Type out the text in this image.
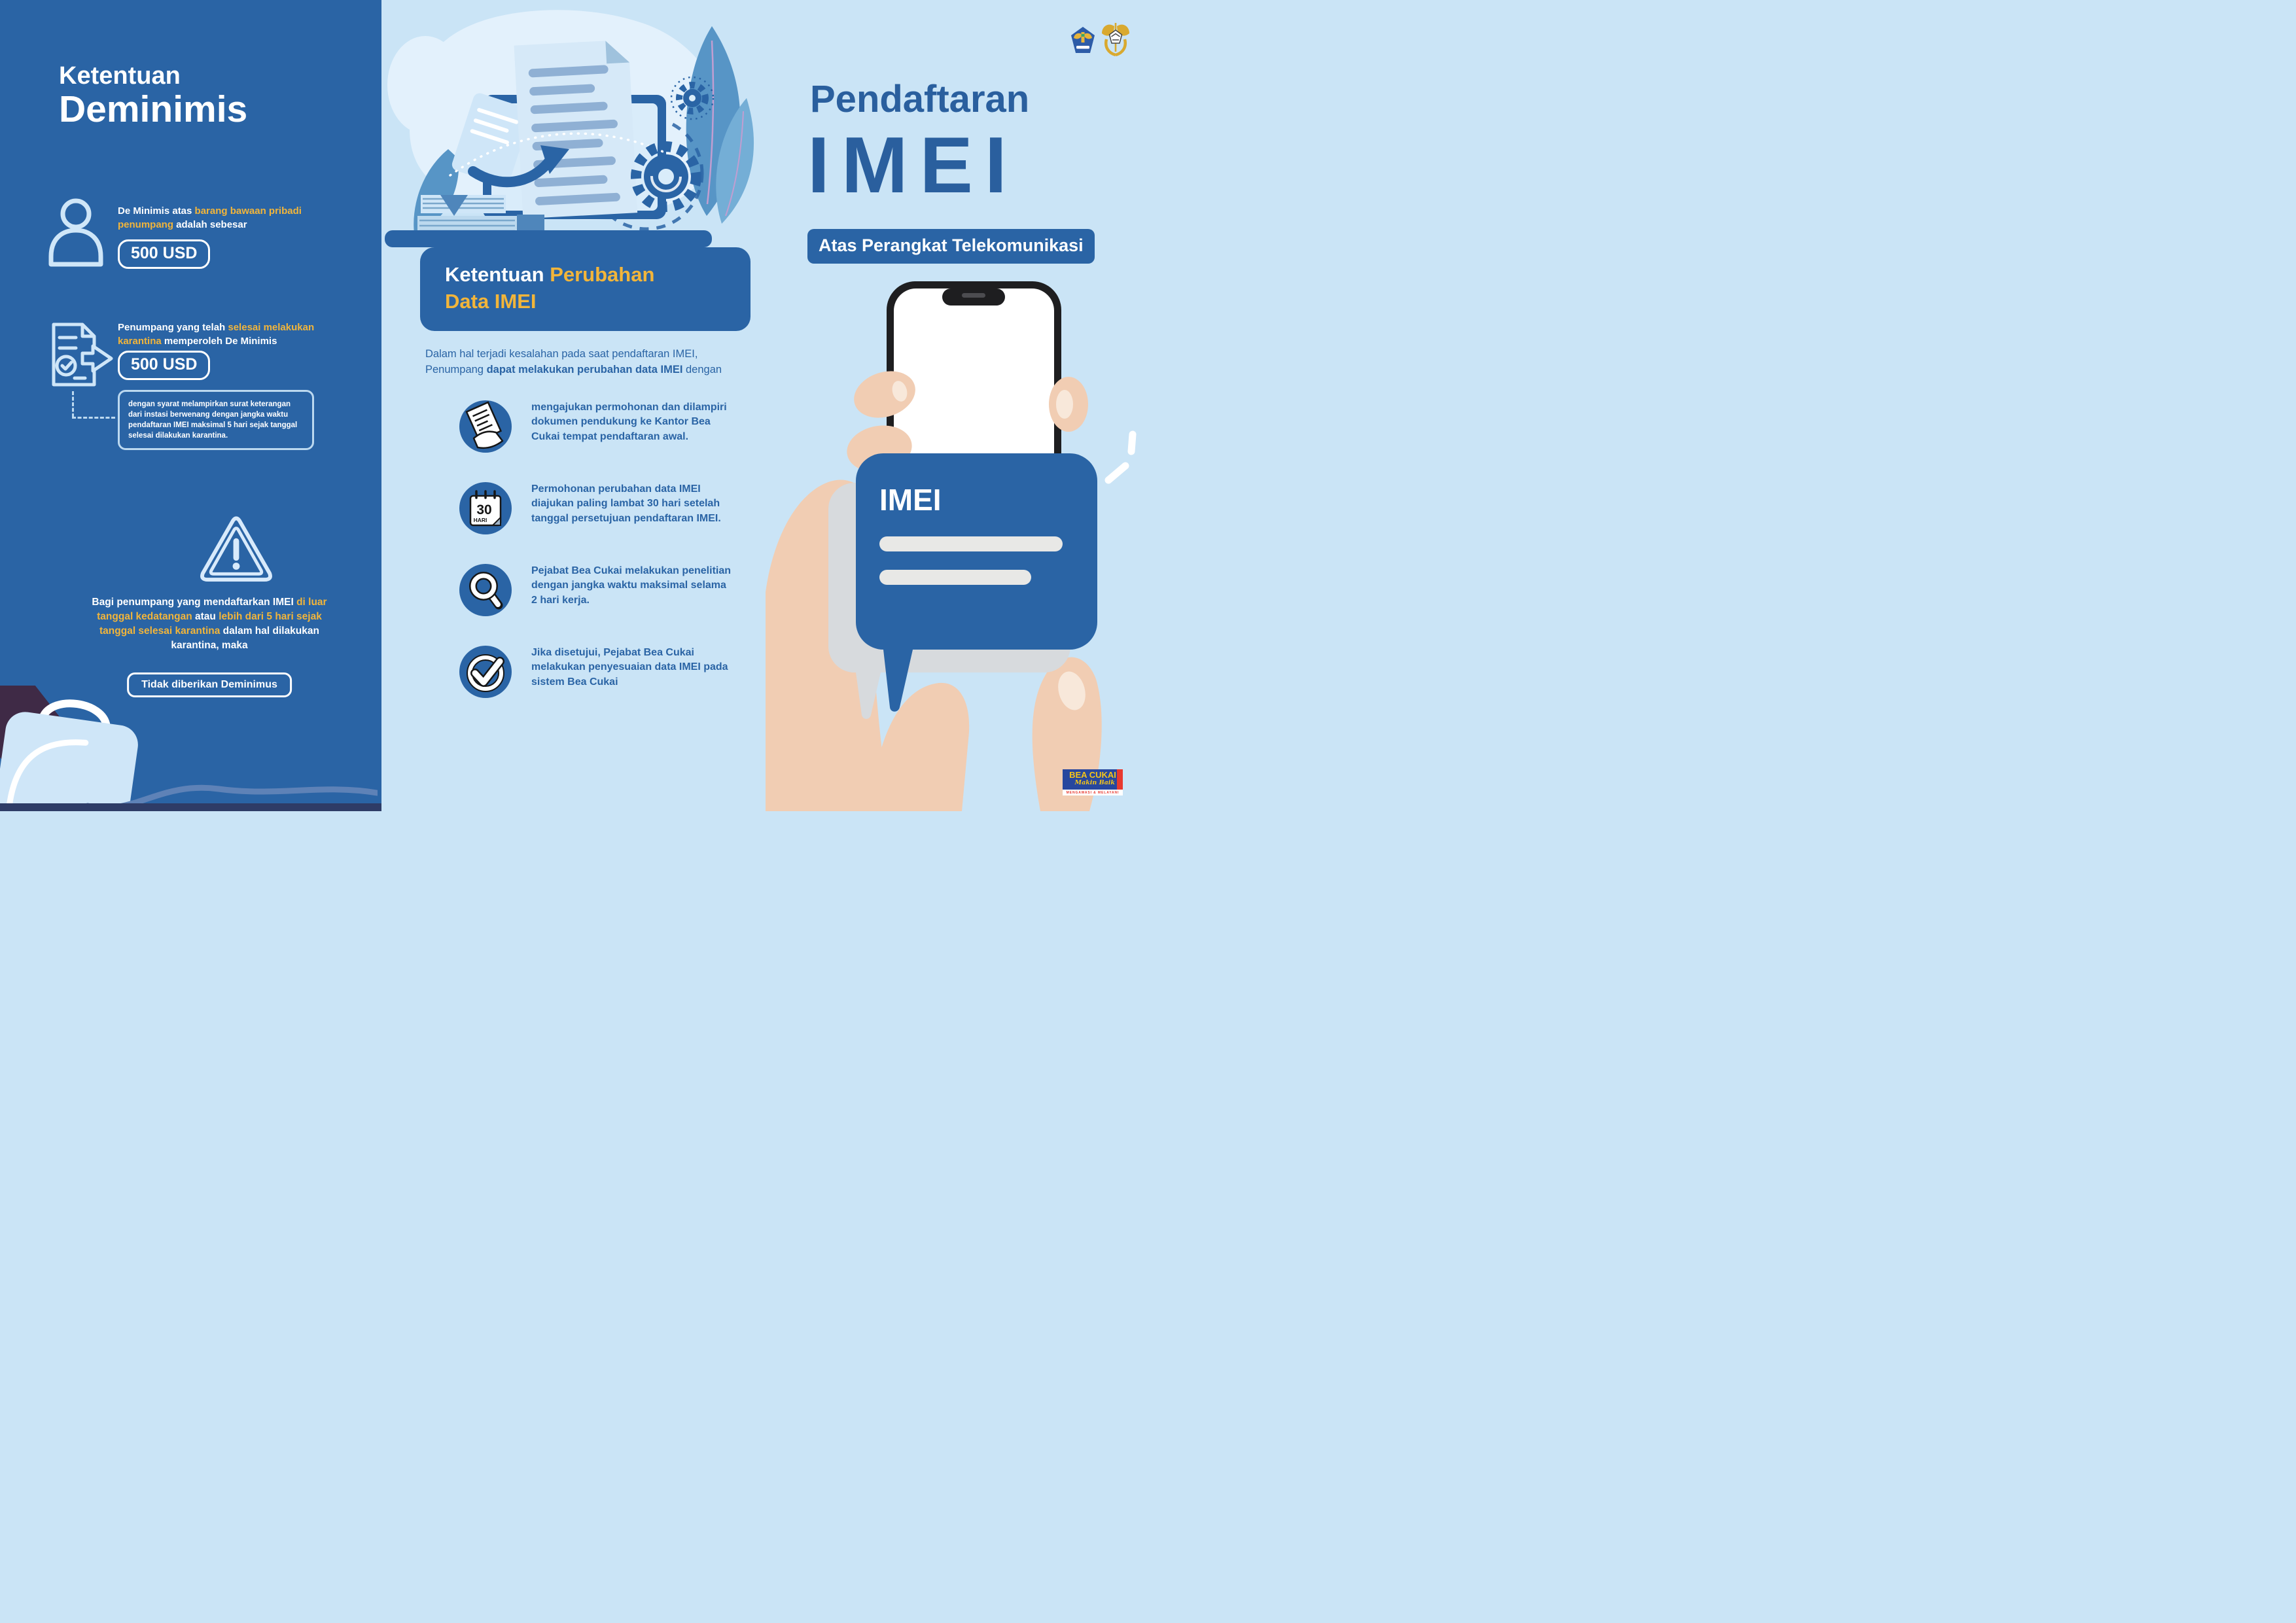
Ketentuan
Deminimis
De Minimis atas barang bawaan pribadi penumpang adalah sebesar
500 USD
Penumpang yang telah selesai melakukan karantina memperoleh De Minimis
500 USD
dengan syarat melampirkan surat keterangan dari instasi berwenang dengan jangka waktu pendaftaran IMEI maksimal 5 hari sejak tanggal selesai dilakukan karantina.
Bagi penumpang yang mendaftarkan IMEI di luar tanggal kedatangan atau lebih dari 5 hari sejak tanggal selesai karantina dalam hal dilakukan karantina, maka
Tidak diberikan Deminimus
Ketentuan Perubahan
Data IMEI
Dalam hal terjadi kesalahan pada saat pendaftaran IMEI, Penumpang dapat melakukan perubahan data IMEI dengan
mengajukan permohonan dan dilampiri dokumen pendukung ke Kantor Bea Cukai tempat pendaftaran awal.
30
HARI
Permohonan perubahan data IMEI diajukan paling lambat 30 hari setelah tanggal persetujuan pendaftaran IMEI.
Pejabat Bea Cukai melakukan penelitian dengan jangka waktu maksimal selama 2 hari kerja.
Jika disetujui, Pejabat Bea Cukai melakukan penyesuaian data IMEI pada sistem Bea Cukai
Pendaftaran
IMEI
Atas Perangkat Telekomunikasi
IMEI
BEA CUKAI
Makin Baik
MENGAWASI & MELAYANI
